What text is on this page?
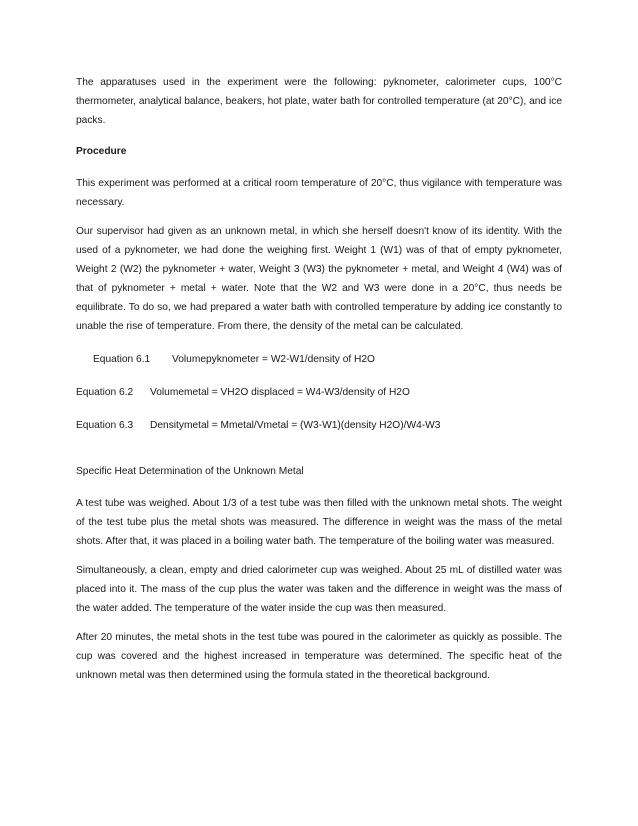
The apparatuses used in the experiment were the following: pyknometer, calorimeter cups, 100°C thermometer, analytical balance, beakers, hot plate, water bath for controlled temperature (at 20°C), and ice packs.

Procedure

This experiment was performed at a critical room temperature of 20°C, thus vigilance with temperature was necessary.

Our supervisor had given as an unknown metal, in which she herself doesn't know of its identity. With the used of a pyknometer, we had done the weighing first. Weight 1 (W1) was of that of empty pyknometer, Weight 2 (W2) the pyknometer + water, Weight 3 (W3) the pyknometer + metal, and Weight 4 (W4) was of that of pyknometer + metal + water. Note that the W2 and W3 were done in a 20°C, thus needs be equilibrate. To do so, we had prepared a water bath with controlled temperature by adding ice constantly to unable the rise of temperature. From there, the density of the metal can be calculated.

Equation 6.1	Volumepyknometer = W2-W1/density of H2O
Equation 6.2	Volumemetal = VH2O displaced = W4-W3/density of H2O
Equation 6.3	Densitymetal = Mmetal/Vmetal = (W3-W1)(density H2O)/W4-W3

Specific Heat Determination of the Unknown Metal

A test tube was weighed. About 1/3 of a test tube was then filled with the unknown metal shots. The weight of the test tube plus the metal shots was measured. The difference in weight was the mass of the metal shots. After that, it was placed in a boiling water bath. The temperature of the boiling water was measured.

Simultaneously, a clean, empty and dried calorimeter cup was weighed. About 25 mL of distilled water was placed into it. The mass of the cup plus the water was taken and the difference in weight was the mass of the water added. The temperature of the water inside the cup was then measured.

After 20 minutes, the metal shots in the test tube was poured in the calorimeter as quickly as possible. The cup was covered and the highest increased in temperature was determined. The specific heat of the unknown metal was then determined using the formula stated in the theoretical background.
